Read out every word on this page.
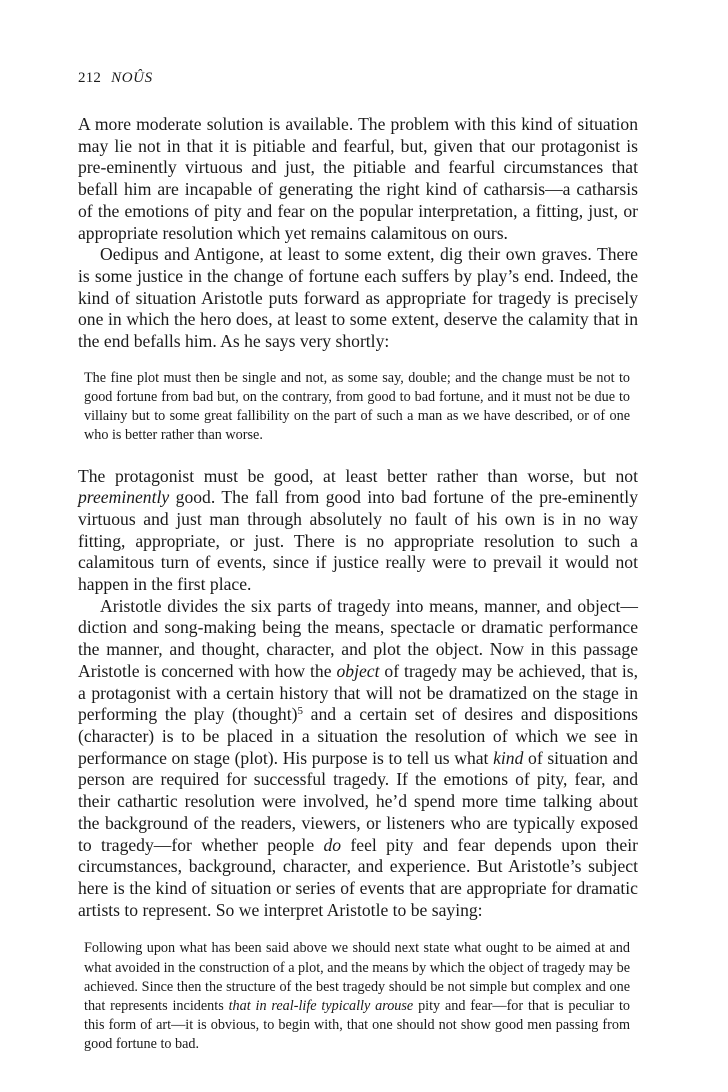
212 NOÛS

A more moderate solution is available. The problem with this kind of situation may lie not in that it is pitiable and fearful, but, given that our protagonist is pre-eminently virtuous and just, the pitiable and fearful circumstances that befall him are incapable of generating the right kind of catharsis—a catharsis of the emotions of pity and fear on the popular interpretation, a fitting, just, or appropriate resolution which yet remains calamitous on ours.

Oedipus and Antigone, at least to some extent, dig their own graves. There is some justice in the change of fortune each suffers by play’s end. Indeed, the kind of situation Aristotle puts forward as appropriate for tragedy is precisely one in which the hero does, at least to some extent, deserve the calamity that in the end befalls him. As he says very shortly:

The fine plot must then be single and not, as some say, double; and the change must be not to good fortune from bad but, on the contrary, from good to bad fortune, and it must not be due to villainy but to some great fallibility on the part of such a man as we have described, or of one who is better rather than worse.

The protagonist must be good, at least better rather than worse, but not preeminently good. The fall from good into bad fortune of the pre-eminently virtuous and just man through absolutely no fault of his own is in no way fitting, appropriate, or just. There is no appropriate resolution to such a calamitous turn of events, since if justice really were to prevail it would not happen in the first place.

Aristotle divides the six parts of tragedy into means, manner, and object—diction and song-making being the means, spectacle or dramatic performance the manner, and thought, character, and plot the object. Now in this passage Aristotle is concerned with how the object of tragedy may be achieved, that is, a protagonist with a certain history that will not be dramatized on the stage in performing the play (thought)$^5$ and a certain set of desires and dispositions (character) is to be placed in a situation the resolution of which we see in performance on stage (plot). His purpose is to tell us what kind of situation and person are required for successful tragedy. If the emotions of pity, fear, and their cathartic resolution were involved, he’d spend more time talking about the background of the readers, viewers, or listeners who are typically exposed to tragedy—for whether people do feel pity and fear depends upon their circumstances, background, character, and experience. But Aristotle’s subject here is the kind of situation or series of events that are appropriate for dramatic artists to represent. So we interpret Aristotle to be saying:

Following upon what has been said above we should next state what ought to be aimed at and what avoided in the construction of a plot, and the means by which the object of tragedy may be achieved. Since then the structure of the best tragedy should be not simple but complex and one that represents incidents that in real-life typically arouse pity and fear—for that is peculiar to this form of art—it is obvious, to begin with, that one should not show good men passing from good fortune to bad.
